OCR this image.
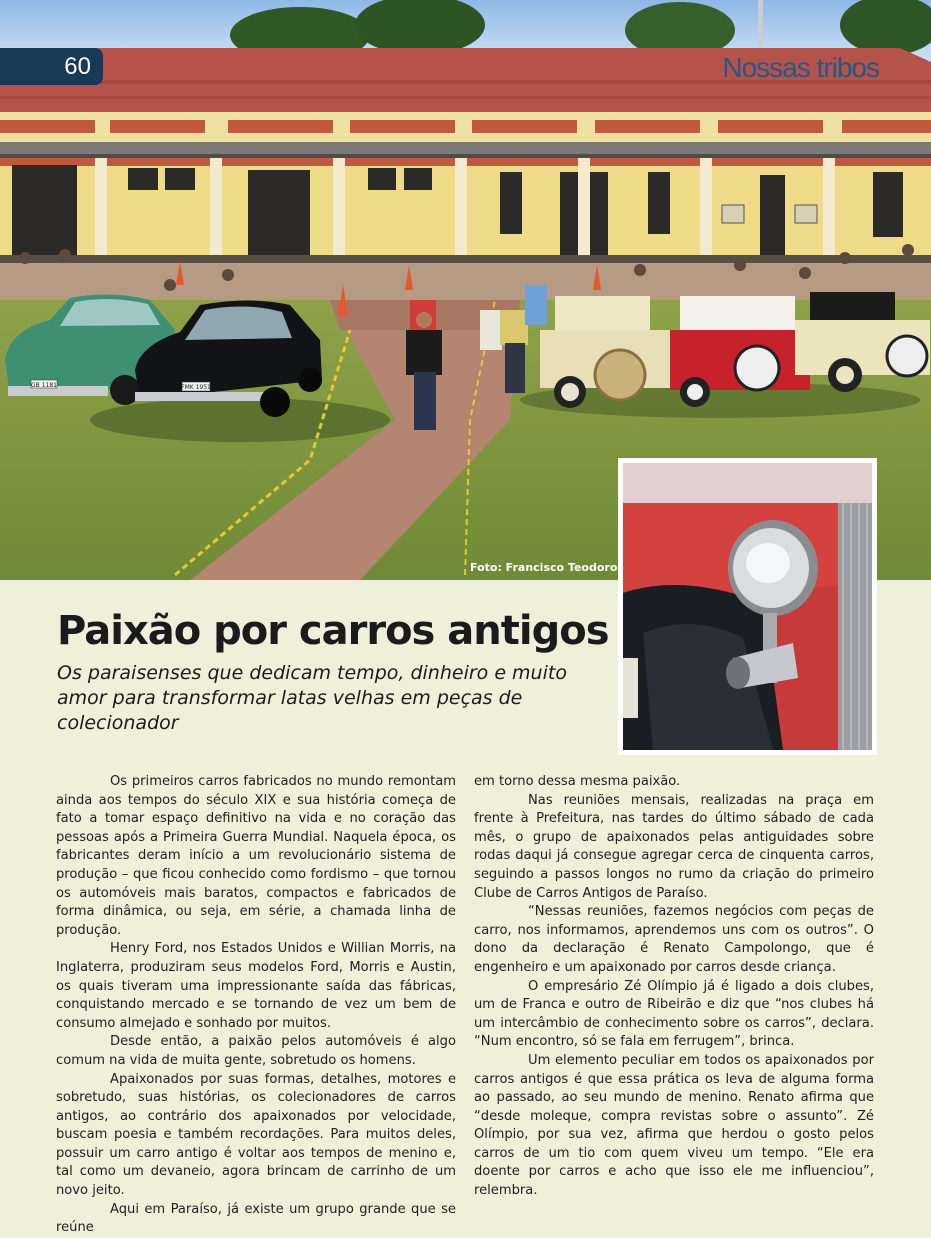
GB 1181	FMK 1951
60	Nossas tribos
Foto: Francisco Teodoro
Paixão por carros antigos

Os paraisenses que dedicam tempo, dinheiro e muito amor para transformar latas velhas em peças de colecionador

Os primeiros carros fabricados no mundo remontam ainda aos tempos do século XIX e sua história começa de fato a tomar espaço definitivo na vida e no coração das pessoas após a Primeira Guerra Mundial. Naquela época, os fabricantes deram início a um revolucionário sistema de produção – que ficou conhecido como fordismo – que tornou os automóveis mais baratos, compactos e fabricados de forma dinâmica, ou seja, em série, a chamada linha de produção.

Henry Ford, nos Estados Unidos e Willian Morris, na Inglaterra, produziram seus modelos Ford, Morris e Austin, os quais tiveram uma impressionante saída das fábricas, conquistando mercado e se tornando de vez um bem de consumo almejado e sonhado por muitos.

Desde então, a paixão pelos automóveis é algo comum na vida de muita gente, sobretudo os homens.

Apaixonados por suas formas, detalhes, motores e sobretudo, suas histórias, os colecionadores de carros antigos, ao contrário dos apaixonados por velocidade, buscam poesia e também recordações. Para muitos deles, possuir um carro antigo é voltar aos tempos de menino e, tal como um devaneio, agora brincam de carrinho de um novo jeito.

Aqui em Paraíso, já existe um grupo grande que se reúne

em torno dessa mesma paixão.

Nas reuniões mensais, realizadas na praça em frente à Prefeitura, nas tardes do último sábado de cada mês, o grupo de apaixonados pelas antiguidades sobre rodas daqui já consegue agregar cerca de cinquenta carros, seguindo a passos longos no rumo da criação do primeiro Clube de Carros Antigos de Paraíso.

“Nessas reuniões, fazemos negócios com peças de carro, nos informamos, aprendemos uns com os outros”. O dono da declaração é Renato Campolongo, que é engenheiro e um apaixonado por carros desde criança.

O empresário Zé Olímpio já é ligado a dois clubes, um de Franca e outro de Ribeirão e diz que “nos clubes há um intercâmbio de conhecimento sobre os carros”, declara. “Num encontro, só se fala em ferrugem”, brinca.

Um elemento peculiar em todos os apaixonados por carros antigos é que essa prática os leva de alguma forma ao passado, ao seu mundo de menino. Renato afirma que “desde moleque, compra revistas sobre o assunto”. Zé Olímpio, por sua vez, afirma que herdou o gosto pelos carros de um tio com quem viveu um tempo. “Ele era doente por carros e acho que isso ele me influenciou”, relembra.
